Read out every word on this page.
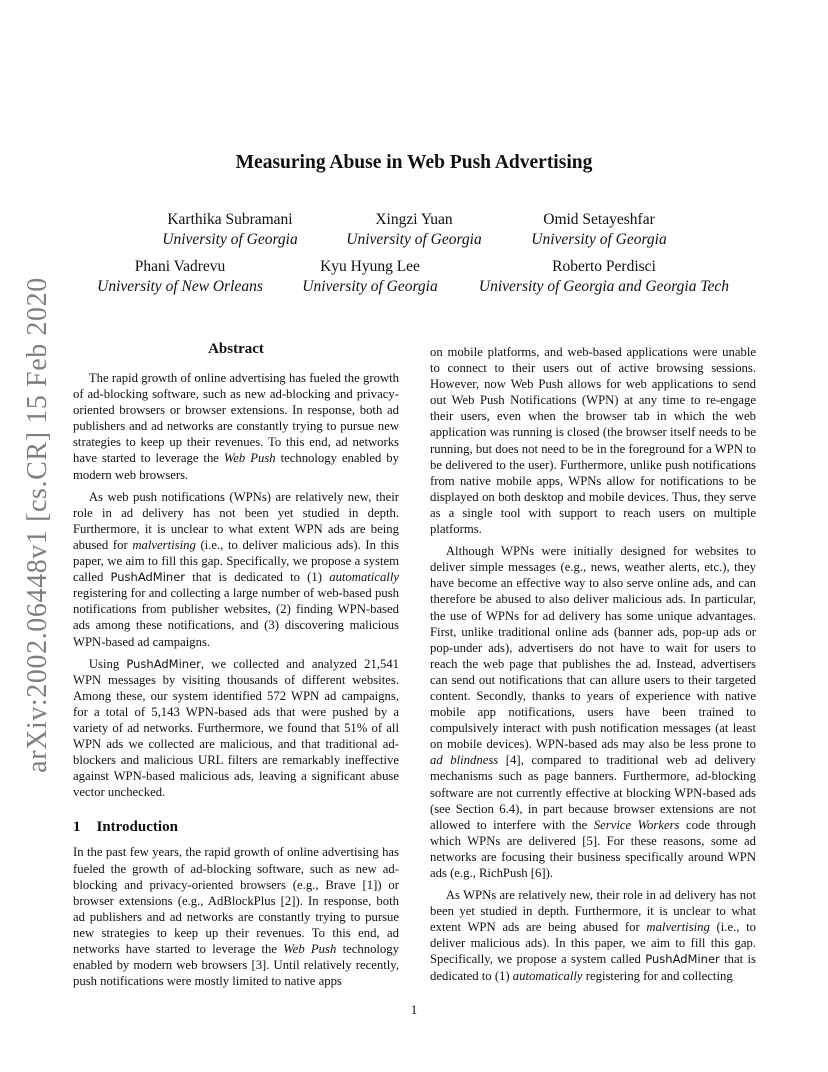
arXiv:2002.06448v1 [cs.CR] 15 Feb 2020
Measuring Abuse in Web Push Advertising
Karthika Subramani
University of Georgia
Xingzi Yuan
University of Georgia
Omid Setayeshfar
University of Georgia
Phani Vadrevu
University of New Orleans
Kyu Hyung Lee
University of Georgia
Roberto Perdisci
University of Georgia and Georgia Tech
Abstract

The rapid growth of online advertising has fueled the growth of ad-blocking software, such as new ad-blocking and privacy-oriented browsers or browser extensions. In response, both ad publishers and ad networks are constantly trying to pursue new strategies to keep up their revenues. To this end, ad networks have started to leverage the Web Push technology enabled by modern web browsers.

As web push notifications (WPNs) are relatively new, their role in ad delivery has not been yet studied in depth. Furthermore, it is unclear to what extent WPN ads are being abused for malvertising (i.e., to deliver malicious ads). In this paper, we aim to fill this gap. Specifically, we propose a system called PushAdMiner that is dedicated to (1) automatically registering for and collecting a large number of web-based push notifications from publisher websites, (2) finding WPN-based ads among these notifications, and (3) discovering malicious WPN-based ad campaigns.

Using PushAdMiner, we collected and analyzed 21,541 WPN messages by visiting thousands of different websites. Among these, our system identified 572 WPN ad campaigns, for a total of 5,143 WPN-based ads that were pushed by a variety of ad networks. Furthermore, we found that 51% of all WPN ads we collected are malicious, and that traditional ad-blockers and malicious URL filters are remarkably ineffective against WPN-based malicious ads, leaving a significant abuse vector unchecked.

1 Introduction

In the past few years, the rapid growth of online advertising has fueled the growth of ad-blocking software, such as new ad-blocking and privacy-oriented browsers (e.g., Brave [1]) or browser extensions (e.g., AdBlockPlus [2]). In response, both ad publishers and ad networks are constantly trying to pursue new strategies to keep up their revenues. To this end, ad networks have started to leverage the Web Push technology enabled by modern web browsers [3]. Until relatively recently, push notifications were mostly limited to native apps

on mobile platforms, and web-based applications were unable to connect to their users out of active browsing sessions. However, now Web Push allows for web applications to send out Web Push Notifications (WPN) at any time to re-engage their users, even when the browser tab in which the web application was running is closed (the browser itself needs to be running, but does not need to be in the foreground for a WPN to be delivered to the user). Furthermore, unlike push notifications from native mobile apps, WPNs allow for notifications to be displayed on both desktop and mobile devices. Thus, they serve as a single tool with support to reach users on multiple platforms.

Although WPNs were initially designed for websites to deliver simple messages (e.g., news, weather alerts, etc.), they have become an effective way to also serve online ads, and can therefore be abused to also deliver malicious ads. In particular, the use of WPNs for ad delivery has some unique advantages. First, unlike traditional online ads (banner ads, pop-up ads or pop-under ads), advertisers do not have to wait for users to reach the web page that publishes the ad. Instead, advertisers can send out notifications that can allure users to their targeted content. Secondly, thanks to years of experience with native mobile app notifications, users have been trained to compulsively interact with push notification messages (at least on mobile devices). WPN-based ads may also be less prone to ad blindness [4], compared to traditional web ad delivery mechanisms such as page banners. Furthermore, ad-blocking software are not currently effective at blocking WPN-based ads (see Section 6.4), in part because browser extensions are not allowed to interfere with the Service Workers code through which WPNs are delivered [5]. For these reasons, some ad networks are focusing their business specifically around WPN ads (e.g., RichPush [6]).

As WPNs are relatively new, their role in ad delivery has not been yet studied in depth. Furthermore, it is unclear to what extent WPN ads are being abused for malvertising (i.e., to deliver malicious ads). In this paper, we aim to fill this gap. Specifically, we propose a system called PushAdMiner that is dedicated to (1) automatically registering for and collecting

1
